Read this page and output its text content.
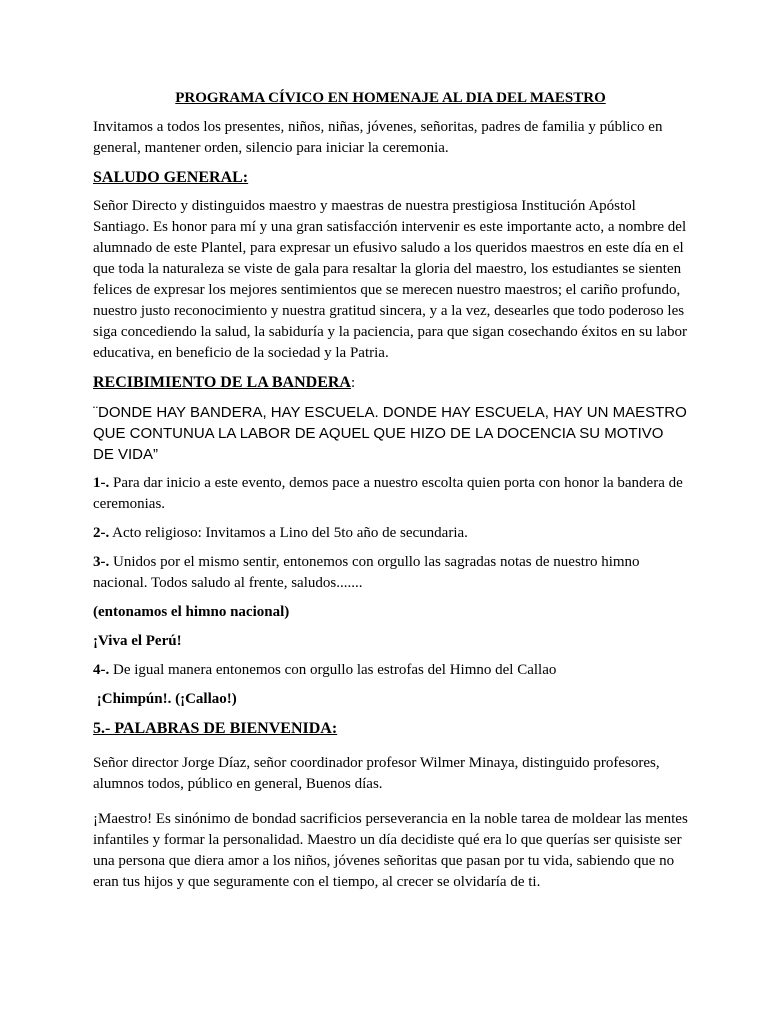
PROGRAMA CÍVICO EN HOMENAJE AL DIA DEL MAESTRO

Invitamos a todos los presentes, niños, niñas, jóvenes, señoritas, padres de familia y público en general, mantener orden, silencio para iniciar la ceremonia.

SALUDO GENERAL:

Señor Directo y distinguidos maestro y maestras de nuestra prestigiosa Institución Apóstol Santiago. Es honor para mí y una gran satisfacción intervenir es este importante acto, a nombre del alumnado de este Plantel, para expresar un efusivo saludo a los queridos maestros en este día en el que toda la naturaleza se viste de gala para resaltar la gloria del maestro, los estudiantes se sienten felices de expresar los mejores sentimientos que se merecen nuestro maestros; el cariño profundo, nuestro justo reconocimiento y nuestra gratitud sincera, y a la vez, desearles que todo poderoso les siga concediendo la salud, la sabiduría y la paciencia, para que sigan cosechando éxitos en su labor educativa, en beneficio de la sociedad y la Patria.

RECIBIMIENTO DE LA BANDERA:
¨DONDE HAY BANDERA, HAY ESCUELA. DONDE HAY ESCUELA, HAY UN MAESTRO QUE CONTUNUA LA LABOR DE AQUEL QUE HIZO DE LA DOCENCIA SU MOTIVO DE VIDA”

1-. Para dar inicio a este evento, demos pace a nuestro escolta quien porta con honor la bandera de ceremonias.

2-. Acto religioso: Invitamos a Lino del 5to año de secundaria.

3-. Unidos por el mismo sentir, entonemos con orgullo las sagradas notas de nuestro himno nacional. Todos saludo al frente, saludos.......

(entonamos el himno nacional)

¡Viva el Perú!

4-. De igual manera entonemos con orgullo las estrofas del Himno del Callao

¡Chimpún!. (¡Callao!)

5.- PALABRAS DE BIENVENIDA:

Señor director Jorge Díaz, señor coordinador profesor Wilmer Minaya, distinguido profesores, alumnos todos, público en general, Buenos días.

¡Maestro! Es sinónimo de bondad sacrificios perseverancia en la noble tarea de moldear las mentes infantiles y formar la personalidad. Maestro un día decidiste qué era lo que querías ser quisiste ser una persona que diera amor a los niños, jóvenes señoritas que pasan por tu vida, sabiendo que no eran tus hijos y que seguramente con el tiempo, al crecer se olvidaría de ti.
